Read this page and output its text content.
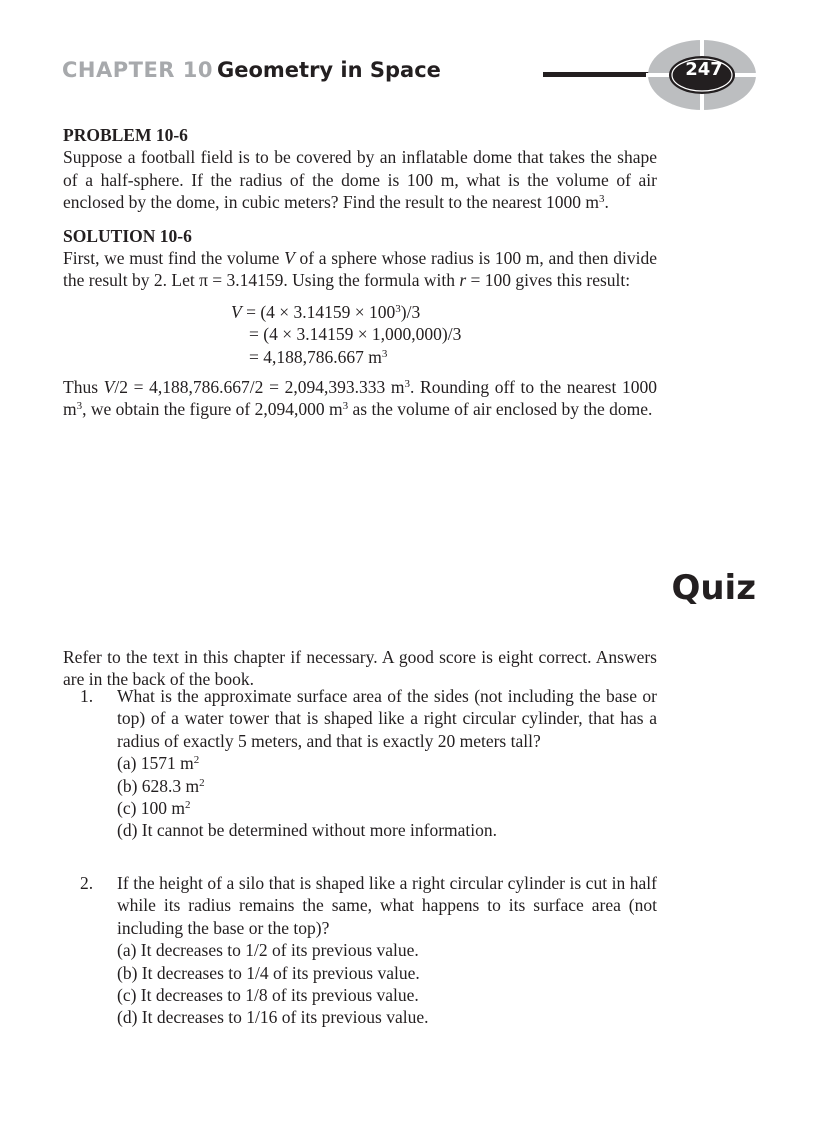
CHAPTER 10 Geometry in Space	247
PROBLEM 10-6

Suppose a football field is to be covered by an inflatable dome that takes the shape of a half-sphere. If the radius of the dome is 100 m, what is the volume of air enclosed by the dome, in cubic meters? Find the result to the nearest 1000 $m^3$.

SOLUTION 10-6

First, we must find the volume V of a sphere whose radius is 100 m, and then divide the result by 2. Let π = 3.14159. Using the formula with r = 100 gives this result:

$V = (4 \times 3.14159 \times 100^3)/3$
= (4 × 3.14159 × 1,000,000)/3
= 4,188,786.667 $m^3$

Thus V/2 = 4,188,786.667/2 = 2,094,393.333 $m^3$. Rounding off to the nearest 1000 $m^3$, we obtain the figure of 2,094,000 $m^3$ as the volume of air enclosed by the dome.

Quiz

Refer to the text in this chapter if necessary. A good score is eight correct. Answers are in the back of the book.

1. What is the approximate surface area of the sides (not including the base or top) of a water tower that is shaped like a right circular cylinder, that has a radius of exactly 5 meters, and that is exactly 20 meters tall?
(a) 1571 $m^2$
(b) 628.3 $m^2$
(c) 100 $m^2$
(d) It cannot be determined without more information.
2. If the height of a silo that is shaped like a right circular cylinder is cut in half while its radius remains the same, what happens to its surface area (not including the base or the top)?
(a) It decreases to 1/2 of its previous value.
(b) It decreases to 1/4 of its previous value.
(c) It decreases to 1/8 of its previous value.
(d) It decreases to 1/16 of its previous value.
